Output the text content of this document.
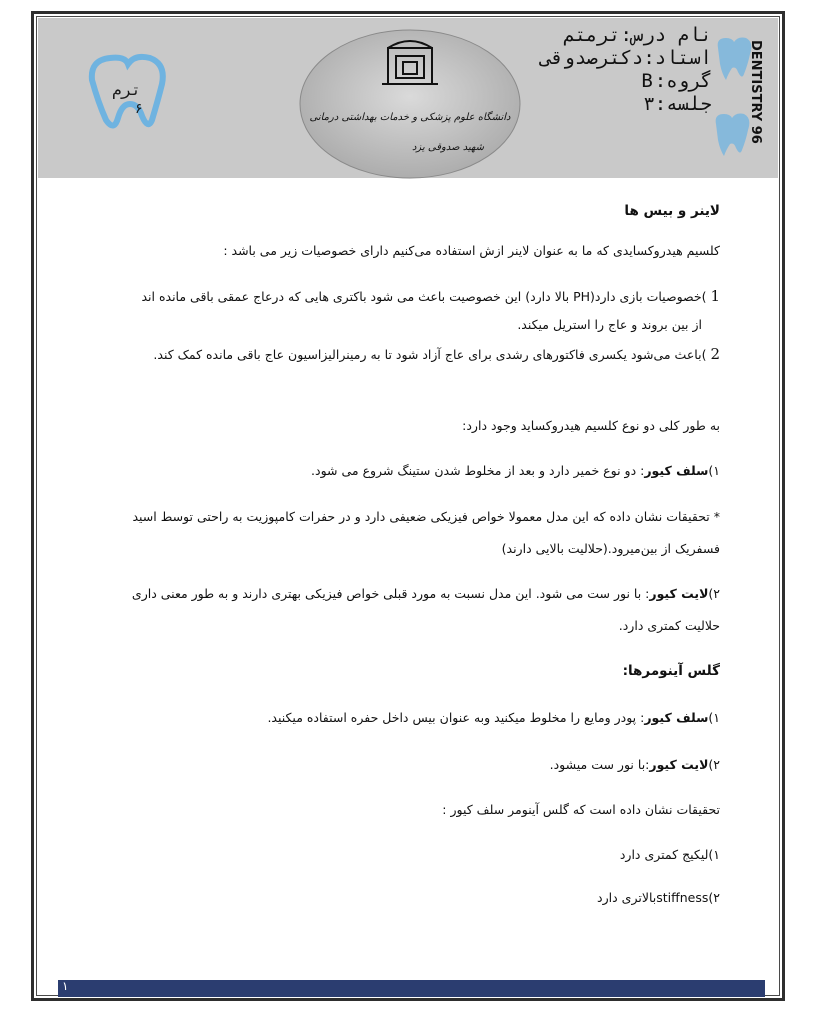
دانشگاه علوم پزشکی و خدمات بهداشتی درمانی
شهید صدوقی یزد
ترم
۶
نام درس:ترمتم
استاد:دکترصدوقی
گروه:B
جلسه:۳	DENTISTRY 96
لاینر و بیس ها
کلسیم هیدروکسایدی که ما به عنوان لاینر ازش استفاده می‌کنیم دارای خصوصیات زیر می باشد :
1 )خصوصیات بازی دارد(PH بالا دارد) این خصوصیت باعث می شود باکتری هایی که درعاج عمقی باقی مانده اند
از بین بروند و عاج را استریل میکند.
2 )باعث می‌شود یکسری فاکتورهای رشدی برای عاج آزاد شود تا به رمینرالیزاسیون عاج باقی مانده کمک کند.
به طور کلی دو نوع کلسیم هیدروکساید وجود دارد:
۱)سلف کیور: دو نوع خمیر دارد و بعد از مخلوط شدن ستینگ شروع می شود.
* تحقیقات نشان داده که این مدل معمولا خواص فیزیکی ضعیفی دارد و در حفرات کامپوزیت به راحتی توسط اسید
فسفریک از بین‌میرود.(حلالیت بالایی دارند)
۲)لایت کیور: با نور ست می شود. این مدل نسبت به مورد قبلی خواص فیزیکی بهتری دارند و به طور معنی داری
حلالیت کمتری دارد.
گلس آینومرها:
۱)سلف کیور: پودر ومایع را مخلوط میکنید وبه عنوان بیس داخل حفره استفاده میکنید.
۲)لایت کیور:با نور ست میشود.
تحقیقات نشان داده است که گلس آینومر سلف کیور :
۱)لیکیج کمتری دارد
۲)stiffnessبالاتری دارد
۱
